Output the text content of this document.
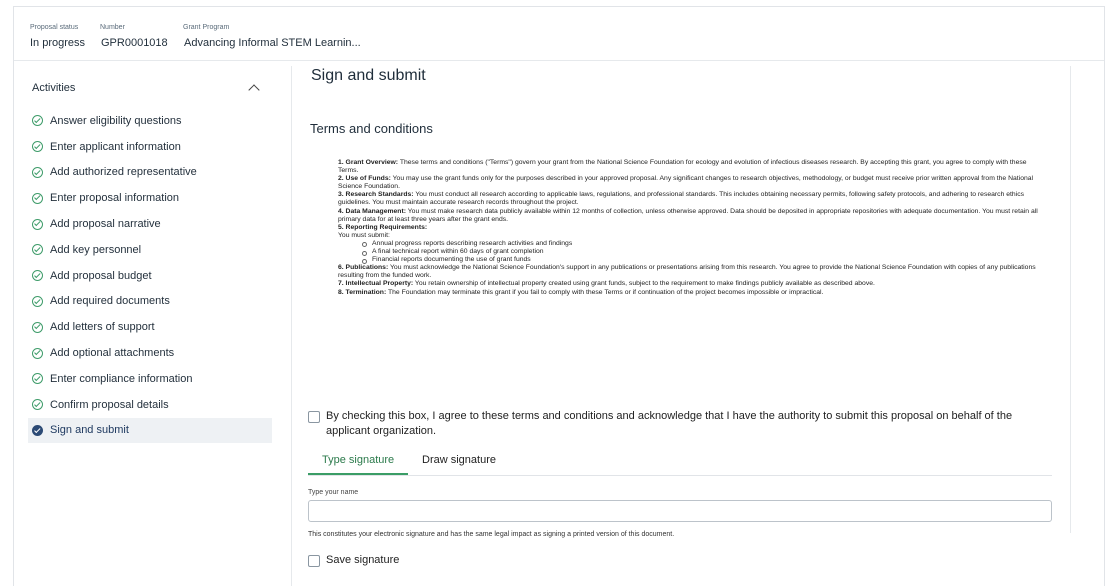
Proposal status	Number	Grant Program
In progress GPR0001018 Advancing Informal STEM Learnin...
Activities
Answer eligibility questions
Enter applicant information
Add authorized representative
Enter proposal information
Add proposal narrative
Add key personnel
Add proposal budget
Add required documents
Add letters of support
Add optional attachments
Enter compliance information
Confirm proposal details
Sign and submit
Sign and submit
Terms and conditions

1. Grant Overview: These terms and conditions ("Terms") govern your grant from the National Science Foundation for ecology and evolution of infectious diseases research. By accepting this grant, you agree to comply with these Terms.

2. Use of Funds: You may use the grant funds only for the purposes described in your approved proposal. Any significant changes to research objectives, methodology, or budget must receive prior written approval from the National Science Foundation.

3. Research Standards: You must conduct all research according to applicable laws, regulations, and professional standards. This includes obtaining necessary permits, following safety protocols, and adhering to research ethics guidelines. You must maintain accurate research records throughout the project.

4. Data Management: You must make research data publicly available within 12 months of collection, unless otherwise approved. Data should be deposited in appropriate repositories with adequate documentation. You must retain all primary data for at least three years after the grant ends.

5. Reporting Requirements:

You must submit:

Annual progress reports describing research activities and findings

A final technical report within 60 days of grant completion

Financial reports documenting the use of grant funds

6. Publications: You must acknowledge the National Science Foundation's support in any publications or presentations arising from this research. You agree to provide the National Science Foundation with copies of any publications resulting from the funded work.

7. Intellectual Property: You retain ownership of intellectual property created using grant funds, subject to the requirement to make findings publicly available as described above.

8. Termination: The Foundation may terminate this grant if you fail to comply with these Terms or if continuation of the project becomes impossible or impractical.

By checking this box, I agree to these terms and conditions and acknowledge that I have the authority to submit this proposal on behalf of the applicant organization.
Type signature	Draw signature
Type your name
This constitutes your electronic signature and has the same legal impact as signing a printed version of this document.
Save signature
